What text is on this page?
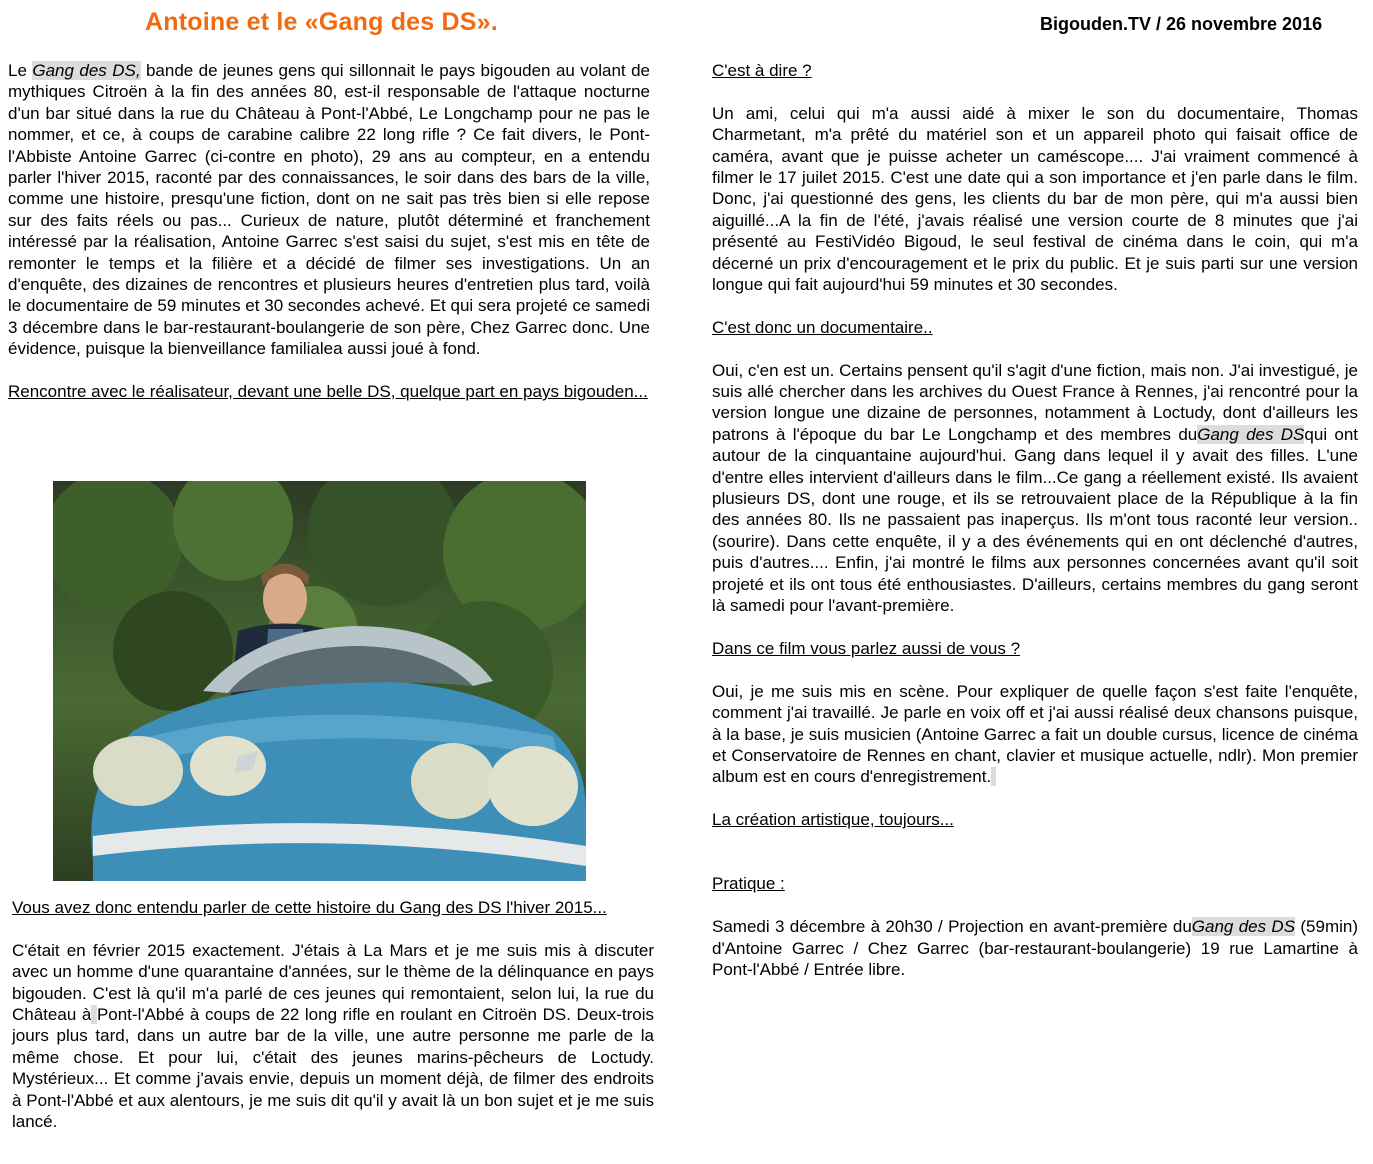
Antoine et le «Gang des DS».	Bigouden.TV / 26 novembre 2016

Le Gang des DS, bande de jeunes gens qui sillonnait le pays bigouden au volant de mythiques Citroën à la fin des années 80, est-il responsable de l'attaque nocturne d'un bar situé dans la rue du Château à Pont-l'Abbé, Le Longchamp pour ne pas le nommer, et ce, à coups de carabine calibre 22 long rifle ? Ce fait divers, le Pont-l'Abbiste Antoine Garrec (ci-contre en photo), 29 ans au compteur, en a entendu parler l'hiver 2015, raconté par des connaissances, le soir dans des bars de la ville, comme une histoire, presqu'une fiction, dont on ne sait pas très bien si elle repose sur des faits réels ou pas... Curieux de nature, plutôt déterminé et franchement intéressé par la réalisation, Antoine Garrec s'est saisi du sujet, s'est mis en tête de remonter le temps et la filière et a décidé de filmer ses investigations. Un an d'enquête, des dizaines de rencontres et plusieurs heures d'entretien plus tard, voilà le documentaire de 59 minutes et 30 secondes achevé. Et qui sera projeté ce samedi 3 décembre dans le bar-restaurant-boulangerie de son père, Chez Garrec donc. Une évidence, puisque la bienveillance familialea aussi joué à fond.

Rencontre avec le réalisateur, devant une belle DS, quelque part en pays bigouden...

Vous avez donc entendu parler de cette histoire du Gang des DS l'hiver 2015...

C'était en février 2015 exactement. J'étais à La Mars et je me suis mis à discuter avec un homme d'une quarantaine d'années, sur le thème de la délinquance en pays bigouden. C'est là qu'il m'a parlé de ces jeunes qui remontaient, selon lui, la rue du Château à Pont-l'Abbé à coups de 22 long rifle en roulant en Citroën DS. Deux-trois jours plus tard, dans un autre bar de la ville, une autre personne me parle de la même chose. Et pour lui, c'était des jeunes marins-pêcheurs de Loctudy. Mystérieux... Et comme j'avais envie, depuis un moment déjà, de filmer des endroits à Pont-l'Abbé et aux alentours, je me suis dit qu'il y avait là un bon sujet et je me suis lancé.

C'est à dire ?

Un ami, celui qui m'a aussi aidé à mixer le son du documentaire, Thomas Charmetant, m'a prêté du matériel son et un appareil photo qui faisait office de caméra, avant que je puisse acheter un caméscope.... J'ai vraiment commencé à filmer le 17 juilet 2015. C'est une date qui a son importance et j'en parle dans le film. Donc, j'ai questionné des gens, les clients du bar de mon père, qui m'a aussi bien aiguillé...A la fin de l'été, j'avais réalisé une version courte de 8 minutes que j'ai présenté au FestiVidéo Bigoud, le seul festival de cinéma dans le coin, qui m'a décerné un prix d'encouragement et le prix du public. Et je suis parti sur une version longue qui fait aujourd'hui 59 minutes et 30 secondes.

C'est donc un documentaire..

Oui, c'en est un. Certains pensent qu'il s'agit d'une fiction, mais non. J'ai investigué, je suis allé chercher dans les archives du Ouest France à Rennes, j'ai rencontré pour la version longue une dizaine de personnes, notamment à Loctudy, dont d'ailleurs les patrons à l'époque du bar Le Longchamp et des membres duGang des DSqui ont autour de la cinquantaine aujourd'hui. Gang dans lequel il y avait des filles. L'une d'entre elles intervient d'ailleurs dans le film...Ce gang a réellement existé. Ils avaient plusieurs DS, dont une rouge, et ils se retrouvaient place de la République à la fin des années 80. Ils ne passaient pas inaperçus. Ils m'ont tous raconté leur version.. (sourire). Dans cette enquête, il y a des événements qui en ont déclenché d'autres, puis d'autres.... Enfin, j'ai montré le films aux personnes concernées avant qu'il soit projeté et ils ont tous été enthousiastes. D'ailleurs, certains membres du gang seront là samedi pour l'avant-première.

Dans ce film vous parlez aussi de vous ?

Oui, je me suis mis en scène. Pour expliquer de quelle façon s'est faite l'enquête, comment j'ai travaillé. Je parle en voix off et j'ai aussi réalisé deux chansons puisque, à la base, je suis musicien (Antoine Garrec a fait un double cursus, licence de cinéma et Conservatoire de Rennes en chant, clavier et musique actuelle, ndlr). Mon premier album est en cours d'enregistrement.

La création artistique, toujours...

Pratique :

Samedi 3 décembre à 20h30 / Projection en avant-première duGang des DS (59min) d'Antoine Garrec / Chez Garrec (bar-restaurant-boulangerie) 19 rue Lamartine à Pont-l'Abbé / Entrée libre.
